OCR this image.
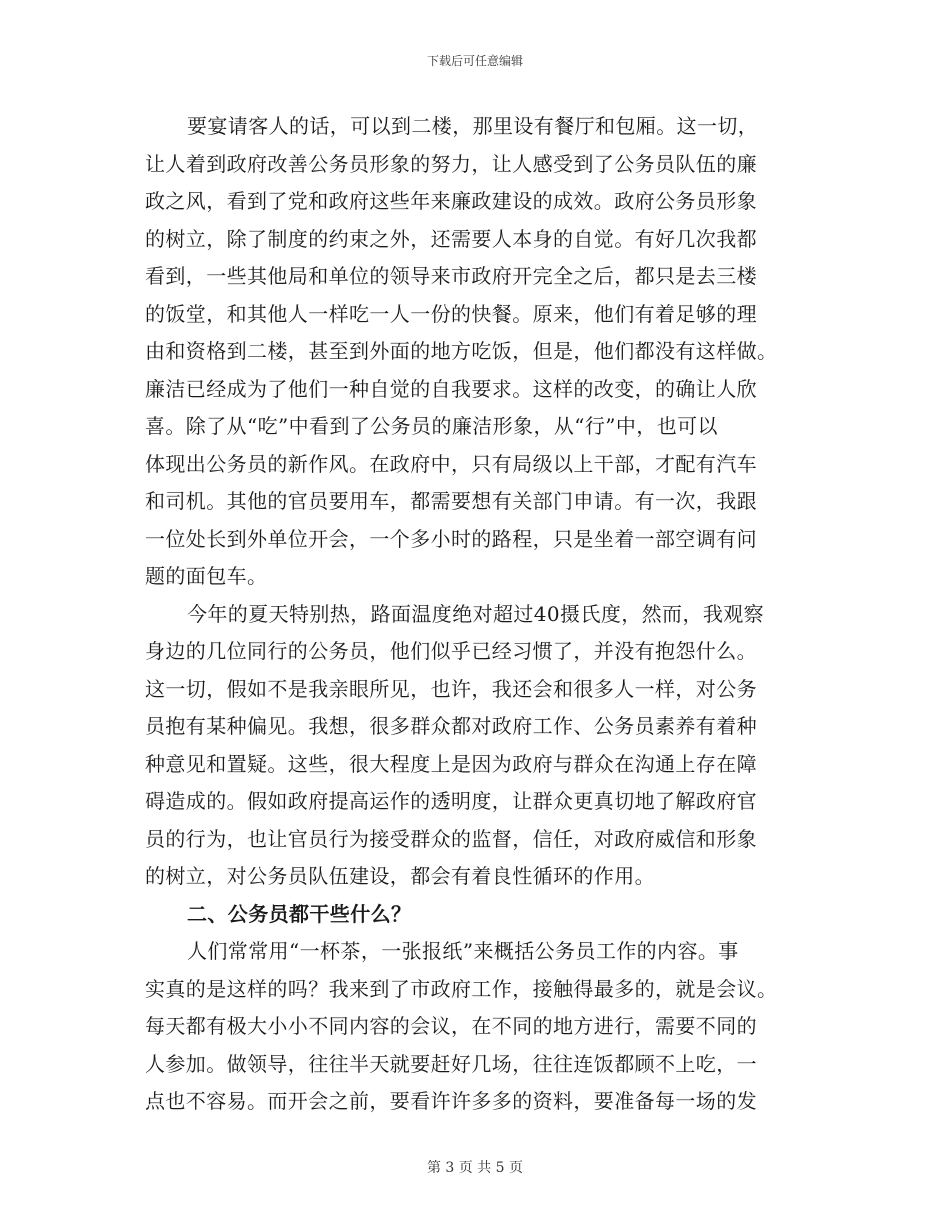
下载后可任意编辑
要宴请客人的话，可以到二楼，那里设有餐厅和包厢。这一切，
让人着到政府改善公务员形象的努力，让人感受到了公务员队伍的廉
政之风，看到了党和政府这些年来廉政建设的成效。政府公务员形象
的树立，除了制度的约束之外，还需要人本身的自觉。有好几次我都
看到，一些其他局和单位的领导来市政府开完全之后，都只是去三楼
的饭堂，和其他人一样吃一人一份的快餐。原来，他们有着足够的理
由和资格到二楼，甚至到外面的地方吃饭，但是，他们都没有这样做。
廉洁已经成为了他们一种自觉的自我要求。这样的改变，的确让人欣
喜。除了从“吃”中看到了公务员的廉洁形象，从“行”中，也可以
体现出公务员的新作风。在政府中，只有局级以上干部，才配有汽车
和司机。其他的官员要用车，都需要想有关部门申请。有一次，我跟
一位处长到外单位开会，一个多小时的路程，只是坐着一部空调有问
题的面包车。
今年的夏天特别热，路面温度绝对超过40摄氏度，然而，我观察
身边的几位同行的公务员，他们似乎已经习惯了，并没有抱怨什么。
这一切，假如不是我亲眼所见，也许，我还会和很多人一样，对公务
员抱有某种偏见。我想，很多群众都对政府工作、公务员素养有着种
种意见和置疑。这些，很大程度上是因为政府与群众在沟通上存在障
碍造成的。假如政府提高运作的透明度，让群众更真切地了解政府官
员的行为，也让官员行为接受群众的监督，信任，对政府威信和形象
的树立，对公务员队伍建设，都会有着良性循环的作用。
二、公务员都干些什么？
人们常常用“一杯茶，一张报纸”来概括公务员工作的内容。事
实真的是这样的吗？我来到了市政府工作，接触得最多的，就是会议。
每天都有极大小小不同内容的会议，在不同的地方进行，需要不同的
人参加。做领导，往往半天就要赶好几场，往往连饭都顾不上吃，一
点也不容易。而开会之前，要看许许多多的资料，要准备每一场的发
第 3 页 共 5 页
